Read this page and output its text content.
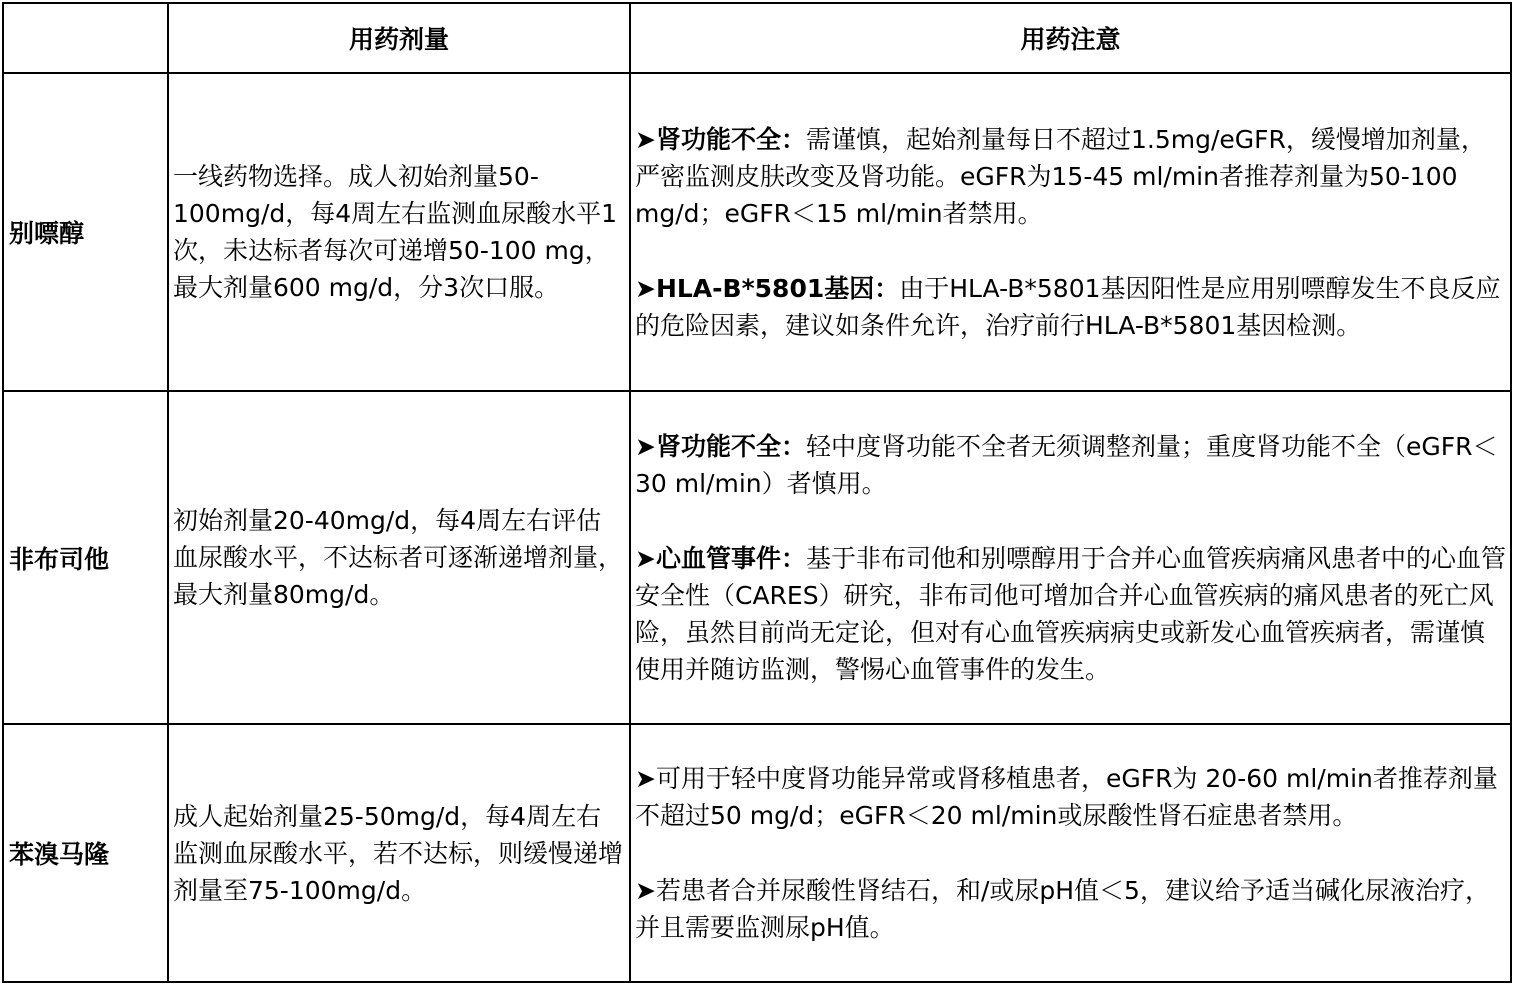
	用药剂量	用药注意
别嘌醇	一线药物选择。成人初始剂量50-100mg/d，每4周左右监测血尿酸水平1次，未达标者每次可递增50-100 mg，最大剂量600 mg/d，分3次口服。	➤肾功能不全：需谨慎，起始剂量每日不超过1.5mg/eGFR，缓慢增加剂量，严密监测皮肤改变及肾功能。eGFR为15-45 ml/min者推荐剂量为50-100 mg/d；eGFR＜15 ml/min者禁用。

➤HLA-B*5801基因：由于HLA-B*5801基因阳性是应用别嘌醇发生不良反应的危险因素，建议如条件允许，治疗前行HLA-B*5801基因检测。

非布司他	初始剂量20-40mg/d，每4周左右评估血尿酸水平，不达标者可逐渐递增剂量，最大剂量80mg/d。	➤肾功能不全：轻中度肾功能不全者无须调整剂量；重度肾功能不全（eGFR＜30 ml/min）者慎用。

➤心血管事件：基于非布司他和别嘌醇用于合并心血管疾病痛风患者中的心血管安全性（CARES）研究，非布司他可增加合并心血管疾病的痛风患者的死亡风险，虽然目前尚无定论，但对有心血管疾病病史或新发心血管疾病者，需谨慎使用并随访监测，警惕心血管事件的发生。

苯溴马隆	成人起始剂量25-50mg/d，每4周左右监测血尿酸水平，若不达标，则缓慢递增剂量至75-100mg/d。	➤可用于轻中度肾功能异常或肾移植患者，eGFR为 20-60 ml/min者推荐剂量不超过50 mg/d；eGFR＜20 ml/min或尿酸性肾石症患者禁用。

➤若患者合并尿酸性肾结石，和/或尿pH值＜5，建议给予适当碱化尿液治疗，并且需要监测尿pH值。
